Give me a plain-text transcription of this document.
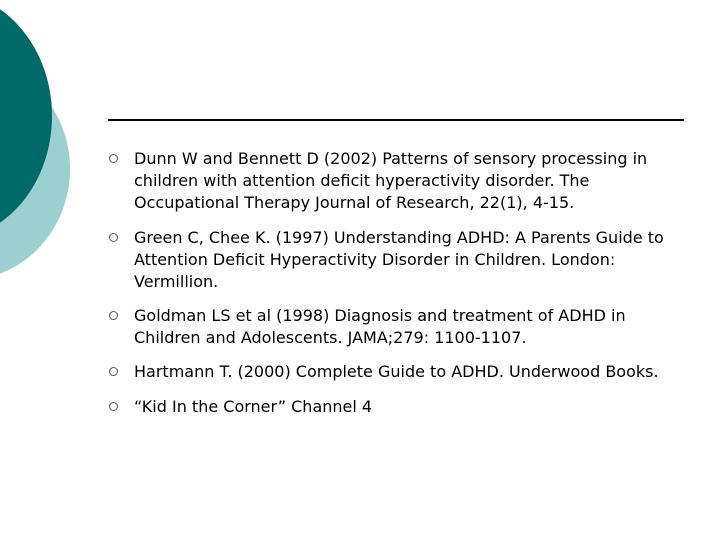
Dunn W and Bennett D (2002) Patterns of sensory processing in children with attention deficit hyperactivity disorder. The Occupational Therapy Journal of Research, 22(1), 4-15.
Green C, Chee K. (1997) Understanding ADHD: A Parents Guide to Attention Deficit Hyperactivity Disorder in Children. London: Vermillion.
Goldman LS et al (1998) Diagnosis and treatment of ADHD in Children and Adolescents. JAMA;279: 1100-1107.
Hartmann T. (2000) Complete Guide to ADHD. Underwood Books.
“Kid In the Corner” Channel 4
